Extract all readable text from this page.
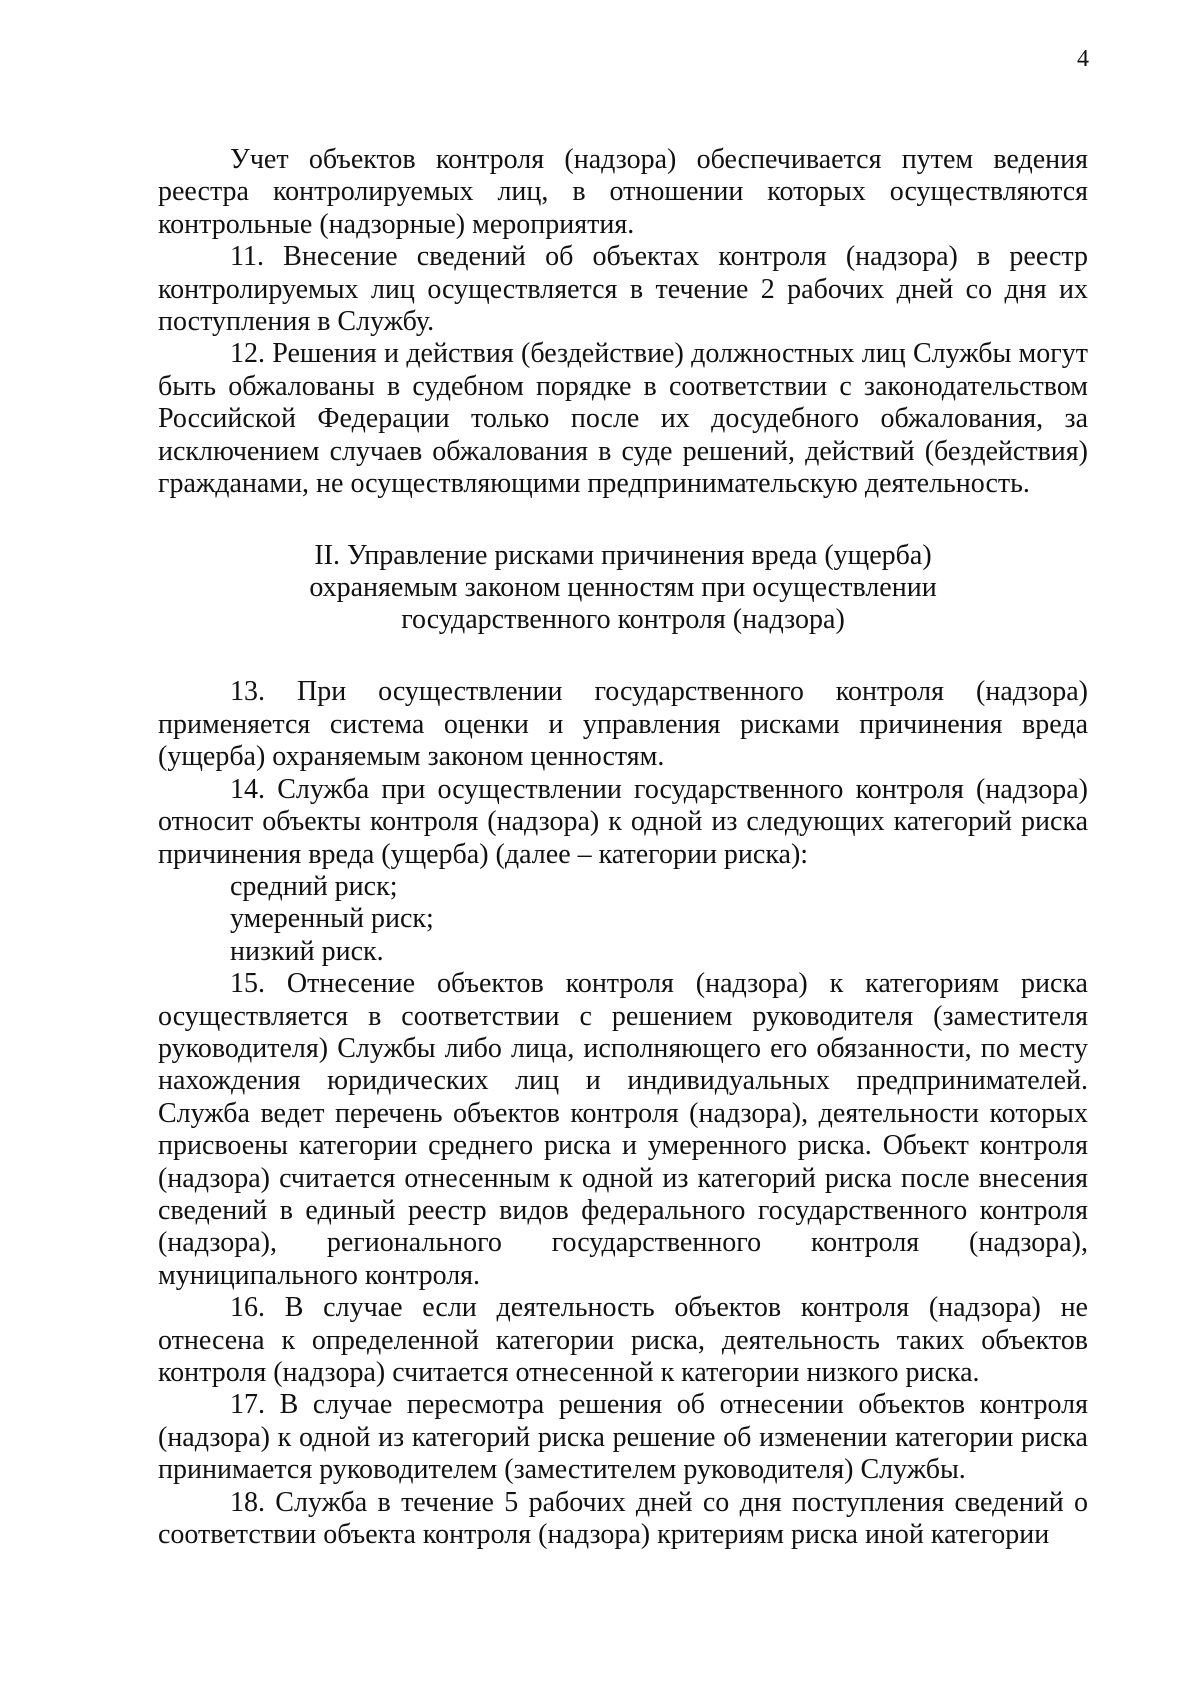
4

Учет объектов контроля (надзора) обеспечивается путем ведения реестра контролируемых лиц, в отношении которых осуществляются контрольные (надзорные) мероприятия.

11. Внесение сведений об объектах контроля (надзора) в реестр контролируемых лиц осуществляется в течение 2 рабочих дней со дня их поступления в Службу.

12. Решения и действия (бездействие) должностных лиц Службы могут быть обжалованы в судебном порядке в соответствии с законодательством Российской Федерации только после их досудебного обжалования, за исключением случаев обжалования в суде решений, действий (бездействия) гражданами, не осуществляющими предпринимательскую деятельность.

II. Управление рисками причинения вреда (ущерба)
охраняемым законом ценностям при осуществлении
государственного контроля (надзора)

13. При осуществлении государственного контроля (надзора) применяется система оценки и управления рисками причинения вреда (ущерба) охраняемым законом ценностям.

14. Служба при осуществлении государственного контроля (надзора) относит объекты контроля (надзора) к одной из следующих категорий риска причинения вреда (ущерба) (далее – категории риска):

средний риск;

умеренный риск;

низкий риск.

15. Отнесение объектов контроля (надзора) к категориям риска осуществляется в соответствии с решением руководителя (заместителя руководителя) Службы либо лица, исполняющего его обязанности, по месту нахождения юридических лиц и индивидуальных предпринимателей. Служба ведет перечень объектов контроля (надзора), деятельности которых присвоены категории среднего риска и умеренного риска. Объект контроля (надзора) считается отнесенным к одной из категорий риска после внесения сведений в единый реестр видов федерального государственного контроля (надзора), регионального государственного контроля (надзора), муниципального контроля.

16. В случае если деятельность объектов контроля (надзора) не отнесена к определенной категории риска, деятельность таких объектов контроля (надзора) считается отнесенной к категории низкого риска.

17. В случае пересмотра решения об отнесении объектов контроля (надзора) к одной из категорий риска решение об изменении категории риска принимается руководителем (заместителем руководителя) Службы.

18. Служба в течение 5 рабочих дней со дня поступления сведений о соответствии объекта контроля (надзора) критериям риска иной категории
